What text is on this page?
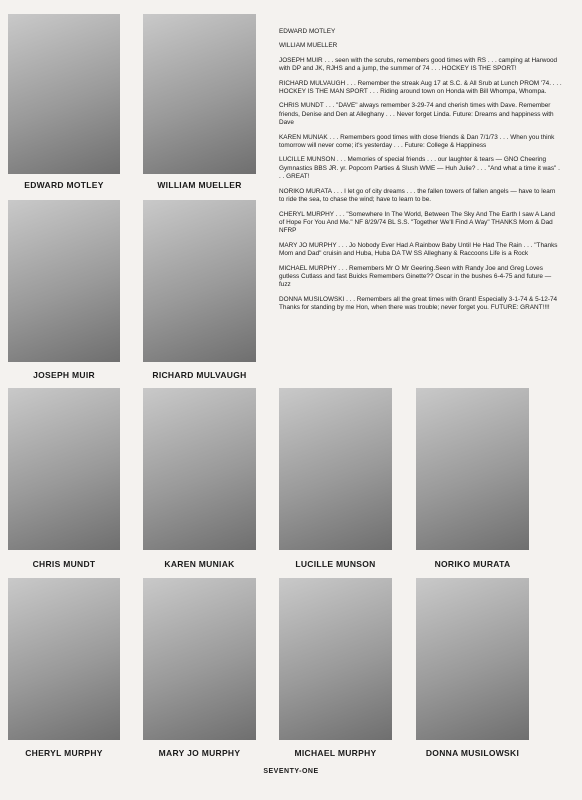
EDWARD MOTLEY	WILLIAM MUELLER
JOSEPH MUIR	RICHARD MULVAUGH
CHRIS MUNDT	KAREN MUNIAK	LUCILLE MUNSON	NORIKO MURATA
CHERYL MURPHY	MARY JO MURPHY	MICHAEL MURPHY	DONNA MUSILOWSKI

EDWARD MOTLEY

WILLIAM MUELLER

JOSEPH MUIR . . . seen with the scrubs, remembers good times with RS . . . camping at Harwood with DP and JK, RJHS and a jump, the summer of 74 . . . HOCKEY IS THE SPORT!

RICHARD MULVAUGH . . . Remember the streak Aug 17 at S.C. & All Srub at Lunch PROM '74. . . . HOCKEY IS THE MAN SPORT . . . Riding around town on Honda with Bill Whompa, Whompa.

CHRIS MUNDT . . . "DAVE" always remember 3-29-74 and cherish times with Dave. Remember friends, Denise and Den at Alleghany . . . Never forget Linda. Future: Dreams and happiness with Dave

KAREN MUNIAK . . . Remembers good times with close friends & Dan 7/1/73 . . . When you think tomorrow will never come; it's yesterday . . . Future: College & Happiness

LUCILLE MUNSON . . . Memories of special friends . . . our laughter & tears — GNO Cheering Gymnastics BBS JR. yr. Popcorn Parties & Slush WME — Huh Julie? . . . "And what a time it was" . . . GREAT!

NORIKO MURATA . . . I let go of city dreams . . . the fallen towers of fallen angels — have to learn to ride the sea, to chase the wind; have to learn to be.

CHERYL MURPHY . . . "Somewhere In The World, Between The Sky And The Earth I saw A Land of Hope For You And Me." NF 8/29/74 BL S.S. "Together We'll Find A Way" THANKS Mom & Dad NFRP

MARY JO MURPHY . . . Jo Nobody Ever Had A Rainbow Baby Until He Had The Rain . . . "Thanks Mom and Dad" cruisin and Huba, Huba DA TW SS Alleghany & Raccoons Life is a Rock

MICHAEL MURPHY . . . Remembers Mr O Mr Geering.Seen with Randy Joe and Greg Loves gutless Cutlass and fast Buicks Remembers Ginette?? Oscar in the bushes 6-4-75 and future — fuzz

DONNA MUSILOWSKI . . . Remembers all the great times with Grant! Especially 3-1-74 & 5-12-74 Thanks for standing by me Hon, when there was trouble; never forget you. FUTURE: GRANT!!!!

SEVENTY-ONE
